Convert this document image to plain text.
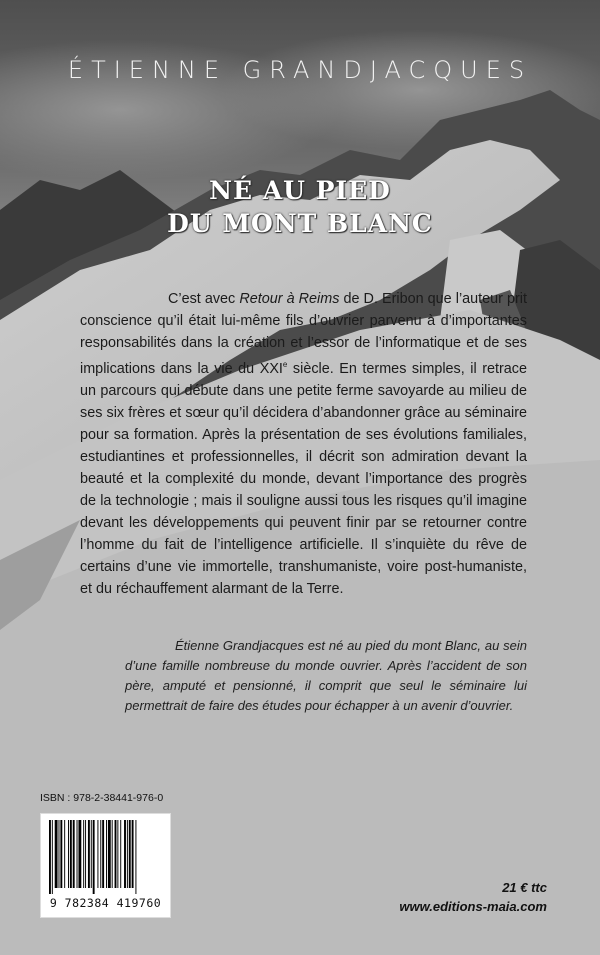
ÉTIENNE GRANDJACQUES
NÉ AU PIED
DU MONT BLANC

C’est avec Retour à Reims de D. Eribon que l’auteur prit conscience qu’il était lui-même fils d’ouvrier parvenu à d’importantes responsabilités dans la création et l’essor de l’informatique et de ses implications dans la vie du XXIe siècle. En termes simples, il retrace un parcours qui débute dans une petite ferme savoyarde au milieu de ses six frères et sœur qu’il décidera d’abandonner grâce au séminaire pour sa formation. Après la présentation de ses évolutions familiales, estudiantines et professionnelles, il décrit son admiration devant la beauté et la complexité du monde, devant l’importance des progrès de la technologie ; mais il souligne aussi tous les risques qu’il imagine devant les développements qui peuvent finir par se retourner contre l’homme du fait de l’intelligence artificielle. Il s’inquiète du rêve de certains d’une vie immortelle, transhumaniste, voire post-humaniste, et du réchauffement alarmant de la Terre.

Étienne Grandjacques est né au pied du mont Blanc, au sein d’une famille nombreuse du monde ouvrier. Après l’accident de son père, amputé et pensionné, il comprit que seul le séminaire lui permettrait de faire des études pour échapper à un avenir d’ouvrier.

ISBN : 978-2-38441-976-0
9 782384 419760
21 € ttc
www.editions-maia.com
